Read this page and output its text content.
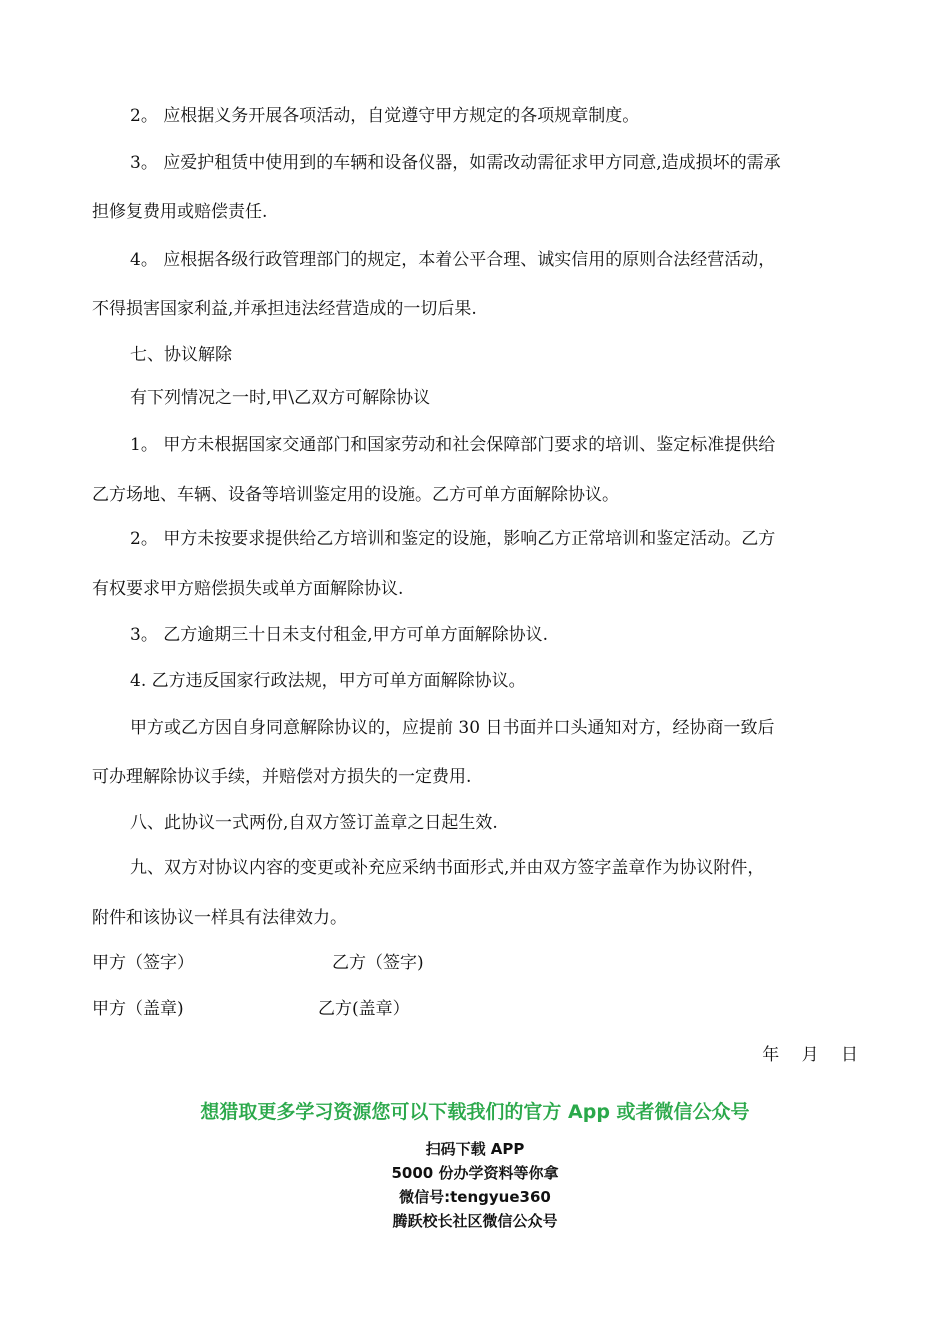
2。 应根据义务开展各项活动，自觉遵守甲方规定的各项规章制度。
3。 应爱护租赁中使用到的车辆和设备仪器，如需改动需征求甲方同意,造成损坏的需承
担修复费用或赔偿责任.
4。 应根据各级行政管理部门的规定，本着公平合理、诚实信用的原则合法经营活动，
不得损害国家利益,并承担违法经营造成的一切后果.
七、协议解除
有下列情况之一时,甲\乙双方可解除协议
1。 甲方未根据国家交通部门和国家劳动和社会保障部门要求的培训、鉴定标准提供给
乙方场地、车辆、设备等培训鉴定用的设施。乙方可单方面解除协议。
2。 甲方未按要求提供给乙方培训和鉴定的设施，影响乙方正常培训和鉴定活动。乙方
有权要求甲方赔偿损失或单方面解除协议.
3。 乙方逾期三十日未支付租金,甲方可单方面解除协议.
4. 乙方违反国家行政法规，甲方可单方面解除协议。
甲方或乙方因自身同意解除协议的，应提前 30 日书面并口头通知对方，经协商一致后
可办理解除协议手续，并赔偿对方损失的一定费用.
八、此协议一式两份,自双方签订盖章之日起生效.
九、双方对协议内容的变更或补充应采纳书面形式,并由双方签字盖章作为协议附件，
附件和该协议一样具有法律效力。
甲方（签字）	乙方（签字)
甲方（盖章)	乙方(盖章）
年　 月　 日
想猎取更多学习资源您可以下载我们的官方 App 或者微信公众号
扫码下载 APP
5000 份办学资料等你拿
微信号:tengyue360
腾跃校长社区微信公众号
